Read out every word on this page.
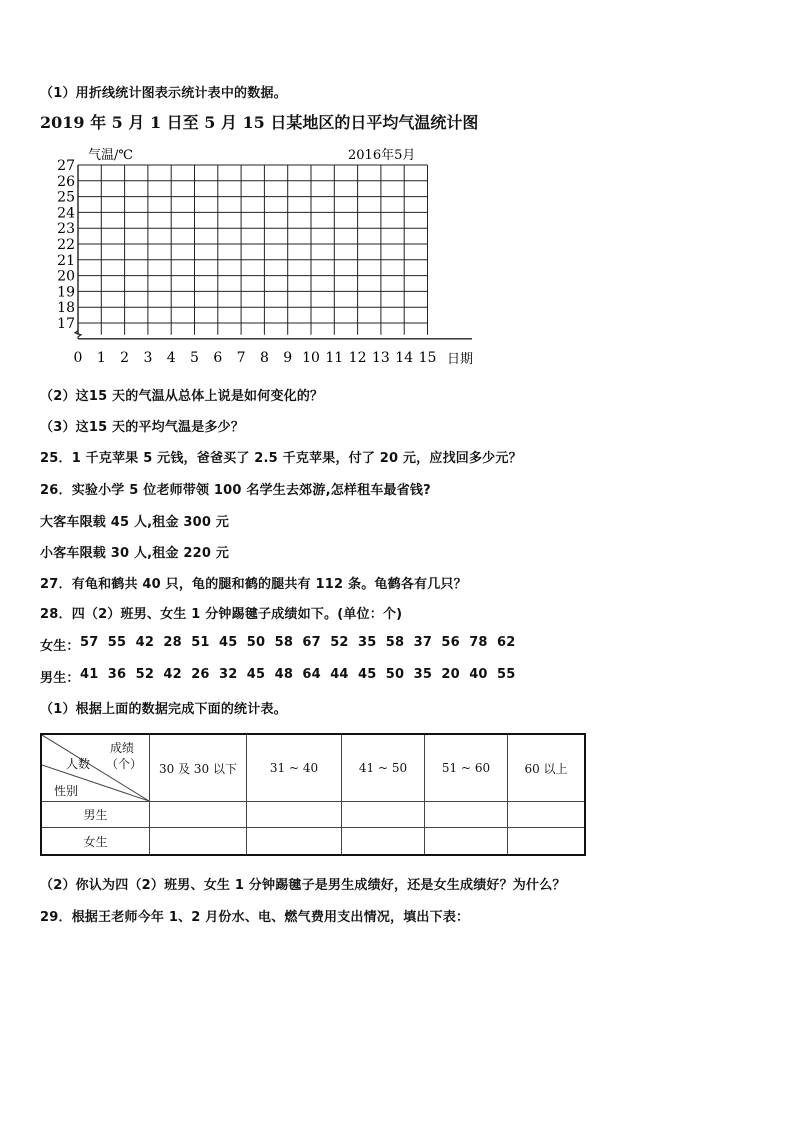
（1）用折线统计图表示统计表中的数据。
2019 年 5 月 1 日至 5 月 15 日某地区的日平均气温统计图
27
26
25
24
23
22
21
20
19
18
17
0 1 2 3 4 5 6 7 8 9 10 11 12 13 14 15
气温/℃	2016年5月
日期
（2）这15 天的气温从总体上说是如何变化的？
（3）这15 天的平均气温是多少？
25．1 千克苹果 5 元钱，爸爸买了 2.5 千克苹果，付了 20 元，应找回多少元？
26．实验小学 5 位老师带领 100 名学生去郊游,怎样租车最省钱?
大客车限载 45 人,租金 300 元
小客车限载 30 人,租金 220 元
27．有龟和鹤共 40 只，龟的腿和鹤的腿共有 112 条。龟鹤各有几只？
28．四（2）班男、女生 1 分钟踢毽子成绩如下。(单位：个)
女生： 57 55 42 28 51 45 50 58 67 52 35 58 37 56 78 62
男生： 41 36 52 42 26 32 45 48 64 44 45 50 35 20 40 55
（1）根据上面的数据完成下面的统计表。
成绩
（个）
人数
性别	30 及 30 以下	31 ~ 40	41 ~ 50	51 ~ 60	60 以上
男生					
女生					
（2）你认为四（2）班男、女生 1 分钟踢毽子是男生成绩好，还是女生成绩好？为什么？
29．根据王老师今年 1、2 月份水、电、燃气费用支出情况，填出下表：
